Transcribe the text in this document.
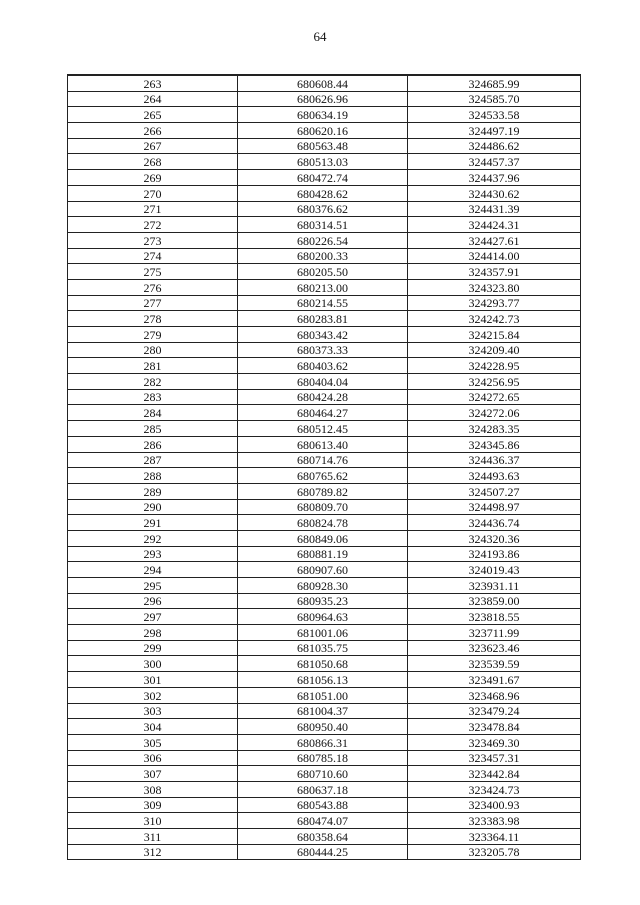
64
263	680608.44	324685.99
264	680626.96	324585.70
265	680634.19	324533.58
266	680620.16	324497.19
267	680563.48	324486.62
268	680513.03	324457.37
269	680472.74	324437.96
270	680428.62	324430.62
271	680376.62	324431.39
272	680314.51	324424.31
273	680226.54	324427.61
274	680200.33	324414.00
275	680205.50	324357.91
276	680213.00	324323.80
277	680214.55	324293.77
278	680283.81	324242.73
279	680343.42	324215.84
280	680373.33	324209.40
281	680403.62	324228.95
282	680404.04	324256.95
283	680424.28	324272.65
284	680464.27	324272.06
285	680512.45	324283.35
286	680613.40	324345.86
287	680714.76	324436.37
288	680765.62	324493.63
289	680789.82	324507.27
290	680809.70	324498.97
291	680824.78	324436.74
292	680849.06	324320.36
293	680881.19	324193.86
294	680907.60	324019.43
295	680928.30	323931.11
296	680935.23	323859.00
297	680964.63	323818.55
298	681001.06	323711.99
299	681035.75	323623.46
300	681050.68	323539.59
301	681056.13	323491.67
302	681051.00	323468.96
303	681004.37	323479.24
304	680950.40	323478.84
305	680866.31	323469.30
306	680785.18	323457.31
307	680710.60	323442.84
308	680637.18	323424.73
309	680543.88	323400.93
310	680474.07	323383.98
311	680358.64	323364.11
312	680444.25	323205.78
